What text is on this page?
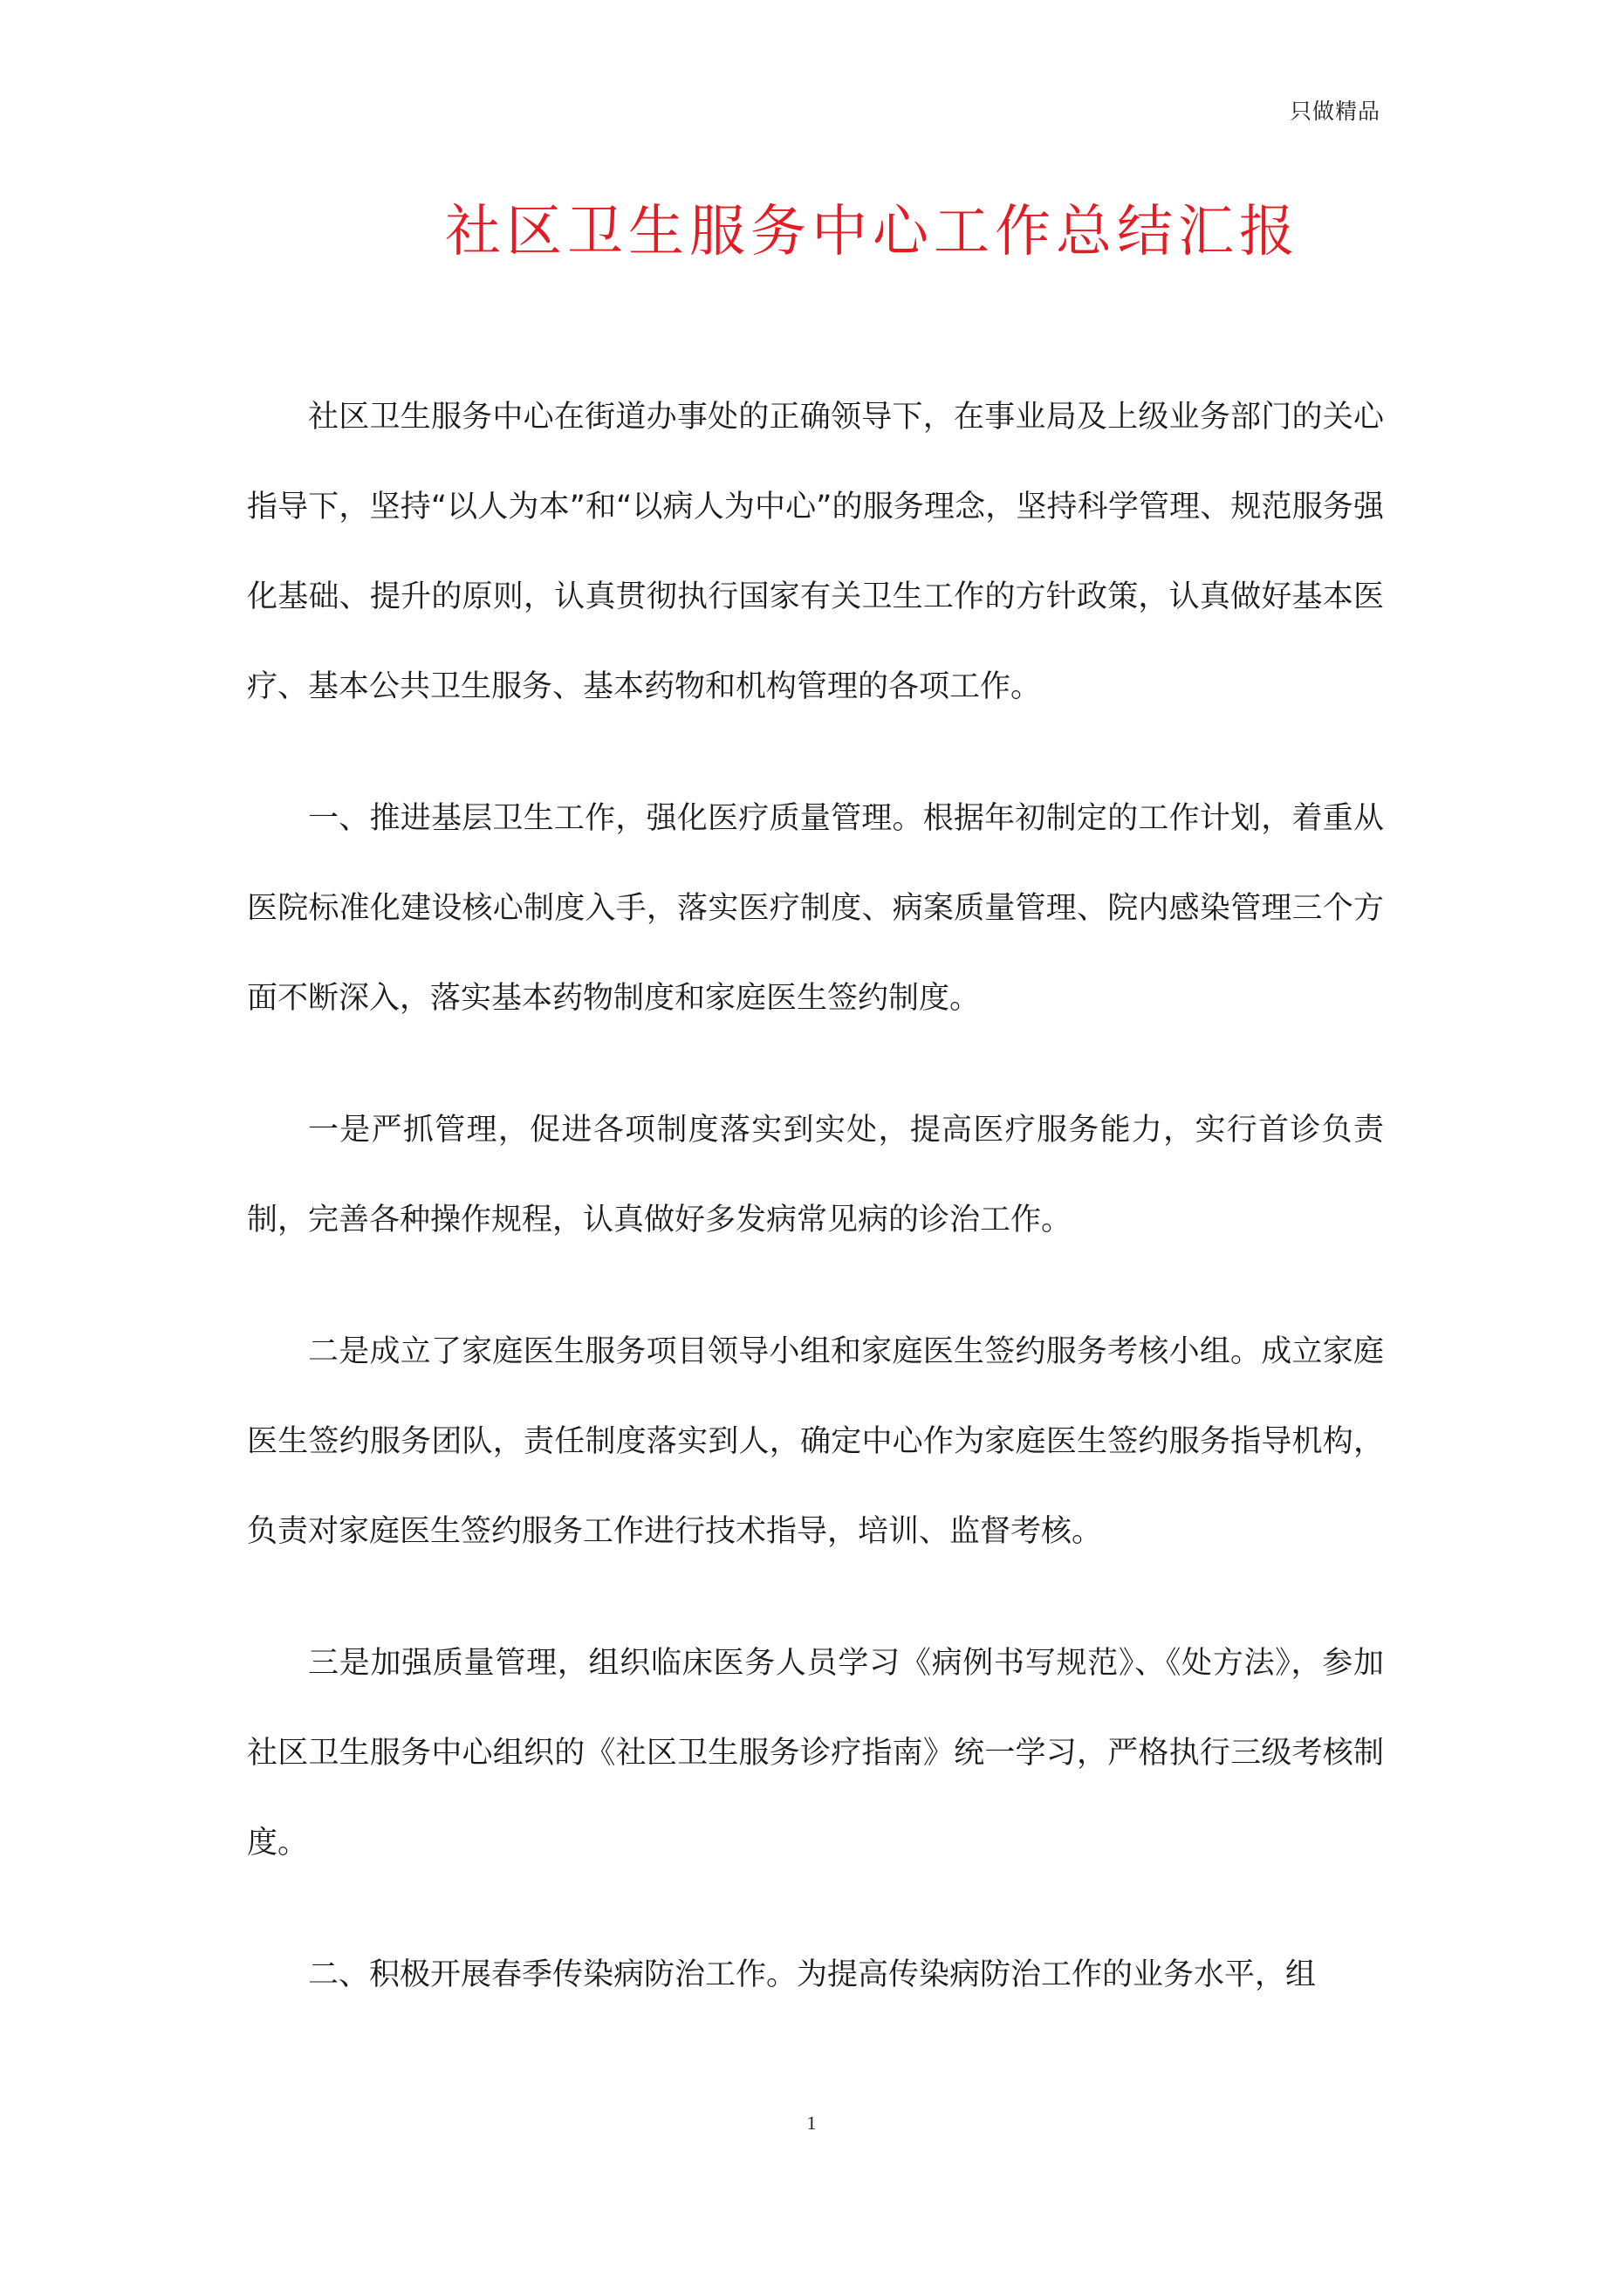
只做精品
社区卫生服务中心工作总结汇报

社区卫生服务中心在街道办事处的正确领导下，在事业局及上级业务部门的关心指导下，坚持“以人为本”和“以病人为中心”的服务理念，坚持科学管理、规范服务强化基础、提升的原则，认真贯彻执行国家有关卫生工作的方针政策，认真做好基本医疗、基本公共卫生服务、基本药物和机构管理的各项工作。

一、推进基层卫生工作，强化医疗质量管理。根据年初制定的工作计划，着重从医院标准化建设核心制度入手，落实医疗制度、病案质量管理、院内感染管理三个方面不断深入，落实基本药物制度和家庭医生签约制度。

一是严抓管理，促进各项制度落实到实处，提高医疗服务能力，实行首诊负责制，完善各种操作规程，认真做好多发病常见病的诊治工作。

二是成立了家庭医生服务项目领导小组和家庭医生签约服务考核小组。成立家庭医生签约服务团队，责任制度落实到人，确定中心作为家庭医生签约服务指导机构，负责对家庭医生签约服务工作进行技术指导，培训、监督考核。

三是加强质量管理，组织临床医务人员学习《病例书写规范》、《处方法》，参加社区卫生服务中心组织的《社区卫生服务诊疗指南》统一学习，严格执行三级考核制度。

二、积极开展春季传染病防治工作。为提高传染病防治工作的业务水平，组

1
